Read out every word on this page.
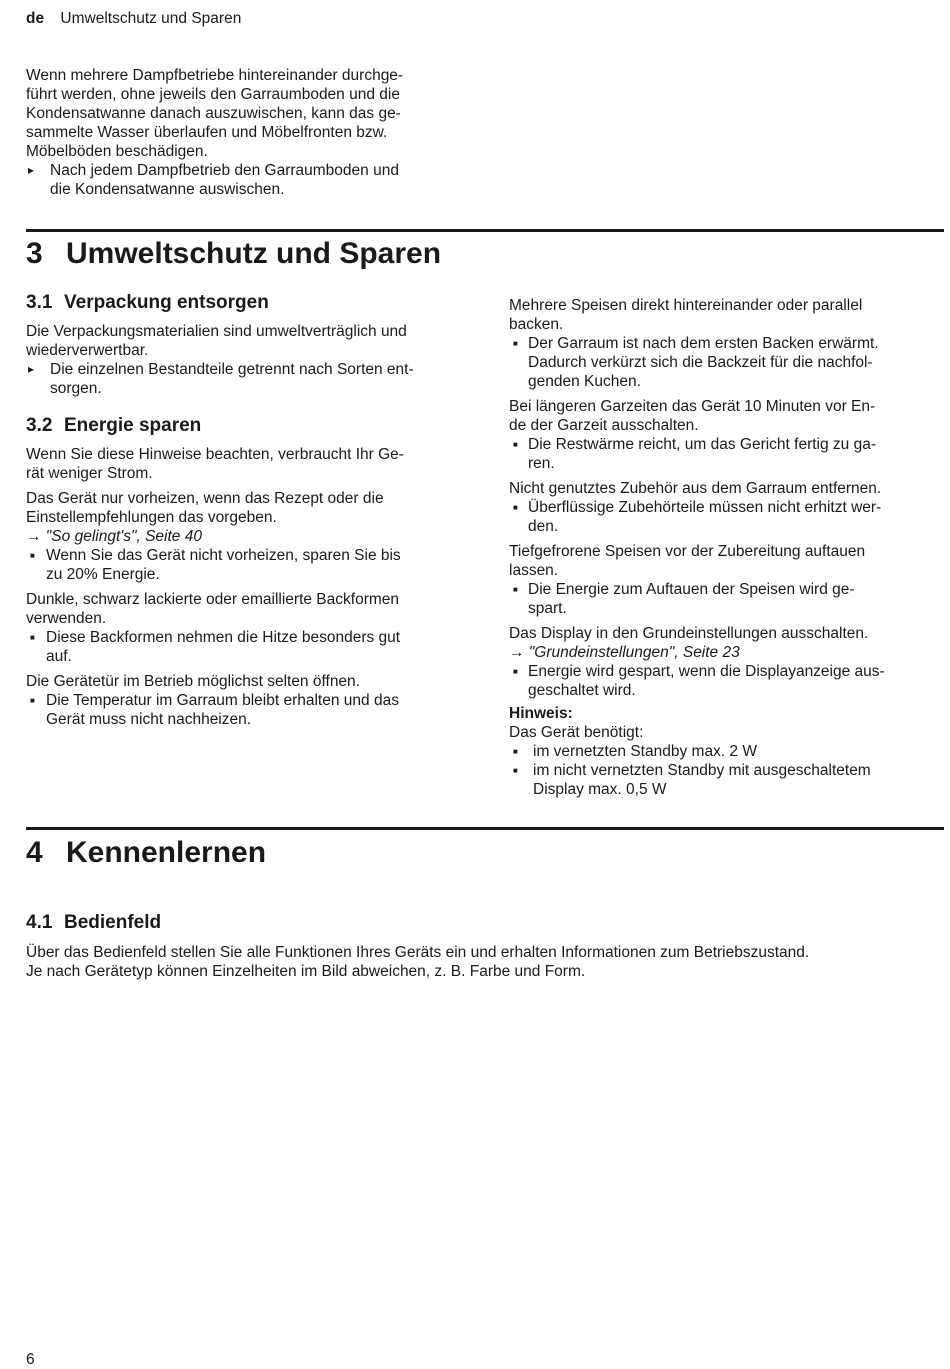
de Umweltschutz und Sparen
Wenn mehrere Dampfbetriebe hintereinander durchge-
führt werden, ohne jeweils den Garraumboden und die
Kondensatwanne danach auszuwischen, kann das ge-
sammelte Wasser überlaufen und Möbelfronten bzw.
Möbelböden beschädigen.
▸ Nach jedem Dampfbetrieb den Garraumboden und
die Kondensatwanne auswischen.
3 Umweltschutz und Sparen
3.1 Verpackung entsorgen
Die Verpackungsmaterialien sind umweltverträglich und
wiederverwertbar.
▸ Die einzelnen Bestandteile getrennt nach Sorten ent-
sorgen.
3.2 Energie sparen
Wenn Sie diese Hinweise beachten, verbraucht Ihr Ge-
rät weniger Strom.
Das Gerät nur vorheizen, wenn das Rezept oder die
Einstellempfehlungen das vorgeben.
→ "So gelingt's", Seite 40
■ Wenn Sie das Gerät nicht vorheizen, sparen Sie bis
zu 20% Energie.
Dunkle, schwarz lackierte oder emaillierte Backformen
verwenden.
■ Diese Backformen nehmen die Hitze besonders gut
auf.
Die Gerätetür im Betrieb möglichst selten öffnen.
■ Die Temperatur im Garraum bleibt erhalten und das
Gerät muss nicht nachheizen.
Mehrere Speisen direkt hintereinander oder parallel
backen.
■ Der Garraum ist nach dem ersten Backen erwärmt.
Dadurch verkürzt sich die Backzeit für die nachfol-
genden Kuchen.
Bei längeren Garzeiten das Gerät 10 Minuten vor En-
de der Garzeit ausschalten.
■ Die Restwärme reicht, um das Gericht fertig zu ga-
ren.
Nicht genutztes Zubehör aus dem Garraum entfernen.
■ Überflüssige Zubehörteile müssen nicht erhitzt wer-
den.
Tiefgefrorene Speisen vor der Zubereitung auftauen
lassen.
■ Die Energie zum Auftauen der Speisen wird ge-
spart.
Das Display in den Grundeinstellungen ausschalten.
→ "Grundeinstellungen", Seite 23
■ Energie wird gespart, wenn die Displayanzeige aus-
geschaltet wird.
Hinweis:
Das Gerät benötigt:
■ im vernetzten Standby max. 2 W
■ im nicht vernetzten Standby mit ausgeschaltetem
Display max. 0,5 W
4 Kennenlernen
4.1 Bedienfeld
Über das Bedienfeld stellen Sie alle Funktionen Ihres Geräts ein und erhalten Informationen zum Betriebszustand.
Je nach Gerätetyp können Einzelheiten im Bild abweichen, z. B. Farbe und Form.
6
